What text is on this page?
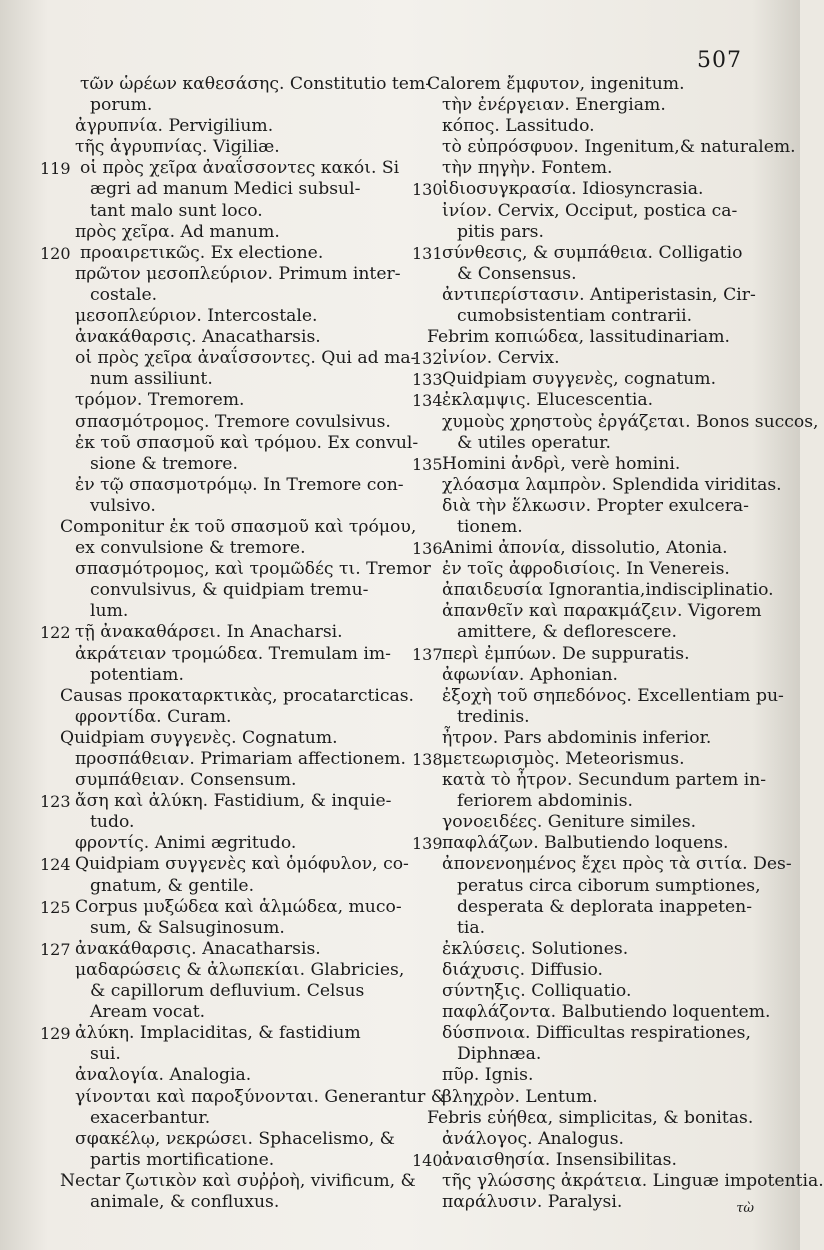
507
τῶν ὡρέων καθεσάσης. Constitutio tem-
porum.
ἀγρυπνία. Pervigilium.
τῆς ἀγρυπνίας. Vigiliæ.
119 οἱ πρὸς χεῖρα ἀναΐσσοντες κακόι. Si
ægri ad manum Medici subsul-
tant malo sunt loco.
πρὸς χεῖρα. Ad manum.
120 προαιρετικῶς. Ex electione.
πρῶτον μεσοπλεύριον. Primum inter-
costale.
μεσοπλεύριον. Intercostale.
ἀνακάθαρσις. Anacatharsis.
οἱ πρὸς χεῖρα ἀναΐσσοντες. Qui ad ma-
num assiliunt.
τρόμον. Tremorem.
σπασμότρομος. Tremore covulsivus.
ἐκ τοῦ σπασμοῦ καὶ τρόμου. Ex convul-
sione & tremore.
ἐν τῷ σπασμοτρόμῳ. In Tremore con-
vulsivo.
Componitur ἐκ τοῦ σπασμοῦ καὶ τρόμου,
ex convulsione & tremore.
σπασμότρομος, καὶ τρομῶδές τι. Tremor
convulsivus, & quidpiam tremu-
lum.
122 τῇ ἀνακαθάρσει. In Anacharsi.
ἀκράτειαν τρομώδεα. Tremulam im-
potentiam.
Causas προκαταρκτικὰς, procatarcticas.
φροντίδα. Curam.
Quidpiam συγγενὲς. Cognatum.
προσπάθειαν. Primariam affectionem.
συμπάθειαν. Consensum.
123 ἄση καὶ ἀλύκη. Fastidium, & inquie-
tudo.
φροντίς. Animi ægritudo.
124 Quidpiam συγγενὲς καὶ ὁμόφυλον, co-
gnatum, & gentile.
125 Corpus μυξώδεα καὶ ἁλμώδεα, muco-
sum, & Salsuginosum.
127 ἀνακάθαρσις. Anacatharsis.
μαδαρώσεις & ἀλωπεκίαι. Glabricies,
& capillorum defluvium. Celsus
Aream vocat.
129 ἀλύκη. Implaciditas, & fastidium
sui.
ἀναλογία. Analogia.
γίνονται καὶ παροξύνονται. Generantur &
exacerbantur.
σφακέλῳ, νεκρώσει. Sphacelismo, &
partis mortificatione.
Nectar ζωτικὸν καὶ συῤῥοὴ, vivificum, &
animale, & confluxus.
Calorem ἔμφυτον, ingenitum.
τὴν ἐνέργειαν. Energiam.
κόπος. Lassitudo.
τὸ εὐπρόσφυον. Ingenitum,& naturalem.
τὴν πηγὴν. Fontem.
130 ἰδιοσυγκρασία. Idiosyncrasia.
ἰνίον. Cervix, Occiput, postica ca-
pitis pars.
131 σύνθεσις, & συμπάθεια. Colligatio
& Consensus.
ἀντιπερίστασιν. Antiperistasin, Cir-
cumobsistentiam contrarii.
Febrim κοπιώδεα, lassitudinariam.
132 ἰνίον. Cervix.
133 Quidpiam συγγενὲς, cognatum.
134 ἐκλαμψις. Elucescentia.
χυμοὺς χρηστοὺς ἐργάζεται. Bonos succos,
& utiles operatur.
135 Homini ἀνδρὶ, verè homini.
χλόασμα λαμπρὸν. Splendida viriditas.
διὰ τὴν ἕλκωσιν. Propter exulcera-
tionem.
136 Animi ἀπονία, dissolutio, Atonia.
ἐν τοῖς ἀφροδισίοις. In Venereis.
ἀπαιδευσία Ignorantia,indisciplinatio.
ἀπανθεῖν καὶ παρακμάζειν. Vigorem
amittere, & deflorescere.
137 περὶ ἐμπύων. De suppuratis.
ἀφωνίαν. Aphonian.
ἐξοχὴ τοῦ σηπεδόνος. Excellentiam pu-
tredinis.
ἦτρον. Pars abdominis inferior.
138 μετεωρισμὸς. Meteorismus.
κατὰ τὸ ἦτρον. Secundum partem in-
feriorem abdominis.
γονοειδέες. Geniture similes.
139 παφλάζων. Balbutiendo loquens.
ἀπονενοημένος ἔχει πρὸς τὰ σιτία. Des-
peratus circa ciborum sumptiones,
desperata & deplorata inappeten-
tia.
ἐκλύσεις. Solutiones.
διάχυσις. Diffusio.
σύντηξις. Colliquatio.
παφλάζοντα. Balbutiendo loquentem.
δύσπνοια. Difficultas respirationes,
Diphnæa.
πῦρ. Ignis.
βληχρὸν. Lentum.
Febris εὐήθεα, simplicitas, & bonitas.
ἀνάλογος. Analogus.
140 ἀναισθησία. Insensibilitas.
τῆς γλώσσης ἀκράτεια. Linguæ impotentia.
παράλυσιν. Paralysi.	τὼ
